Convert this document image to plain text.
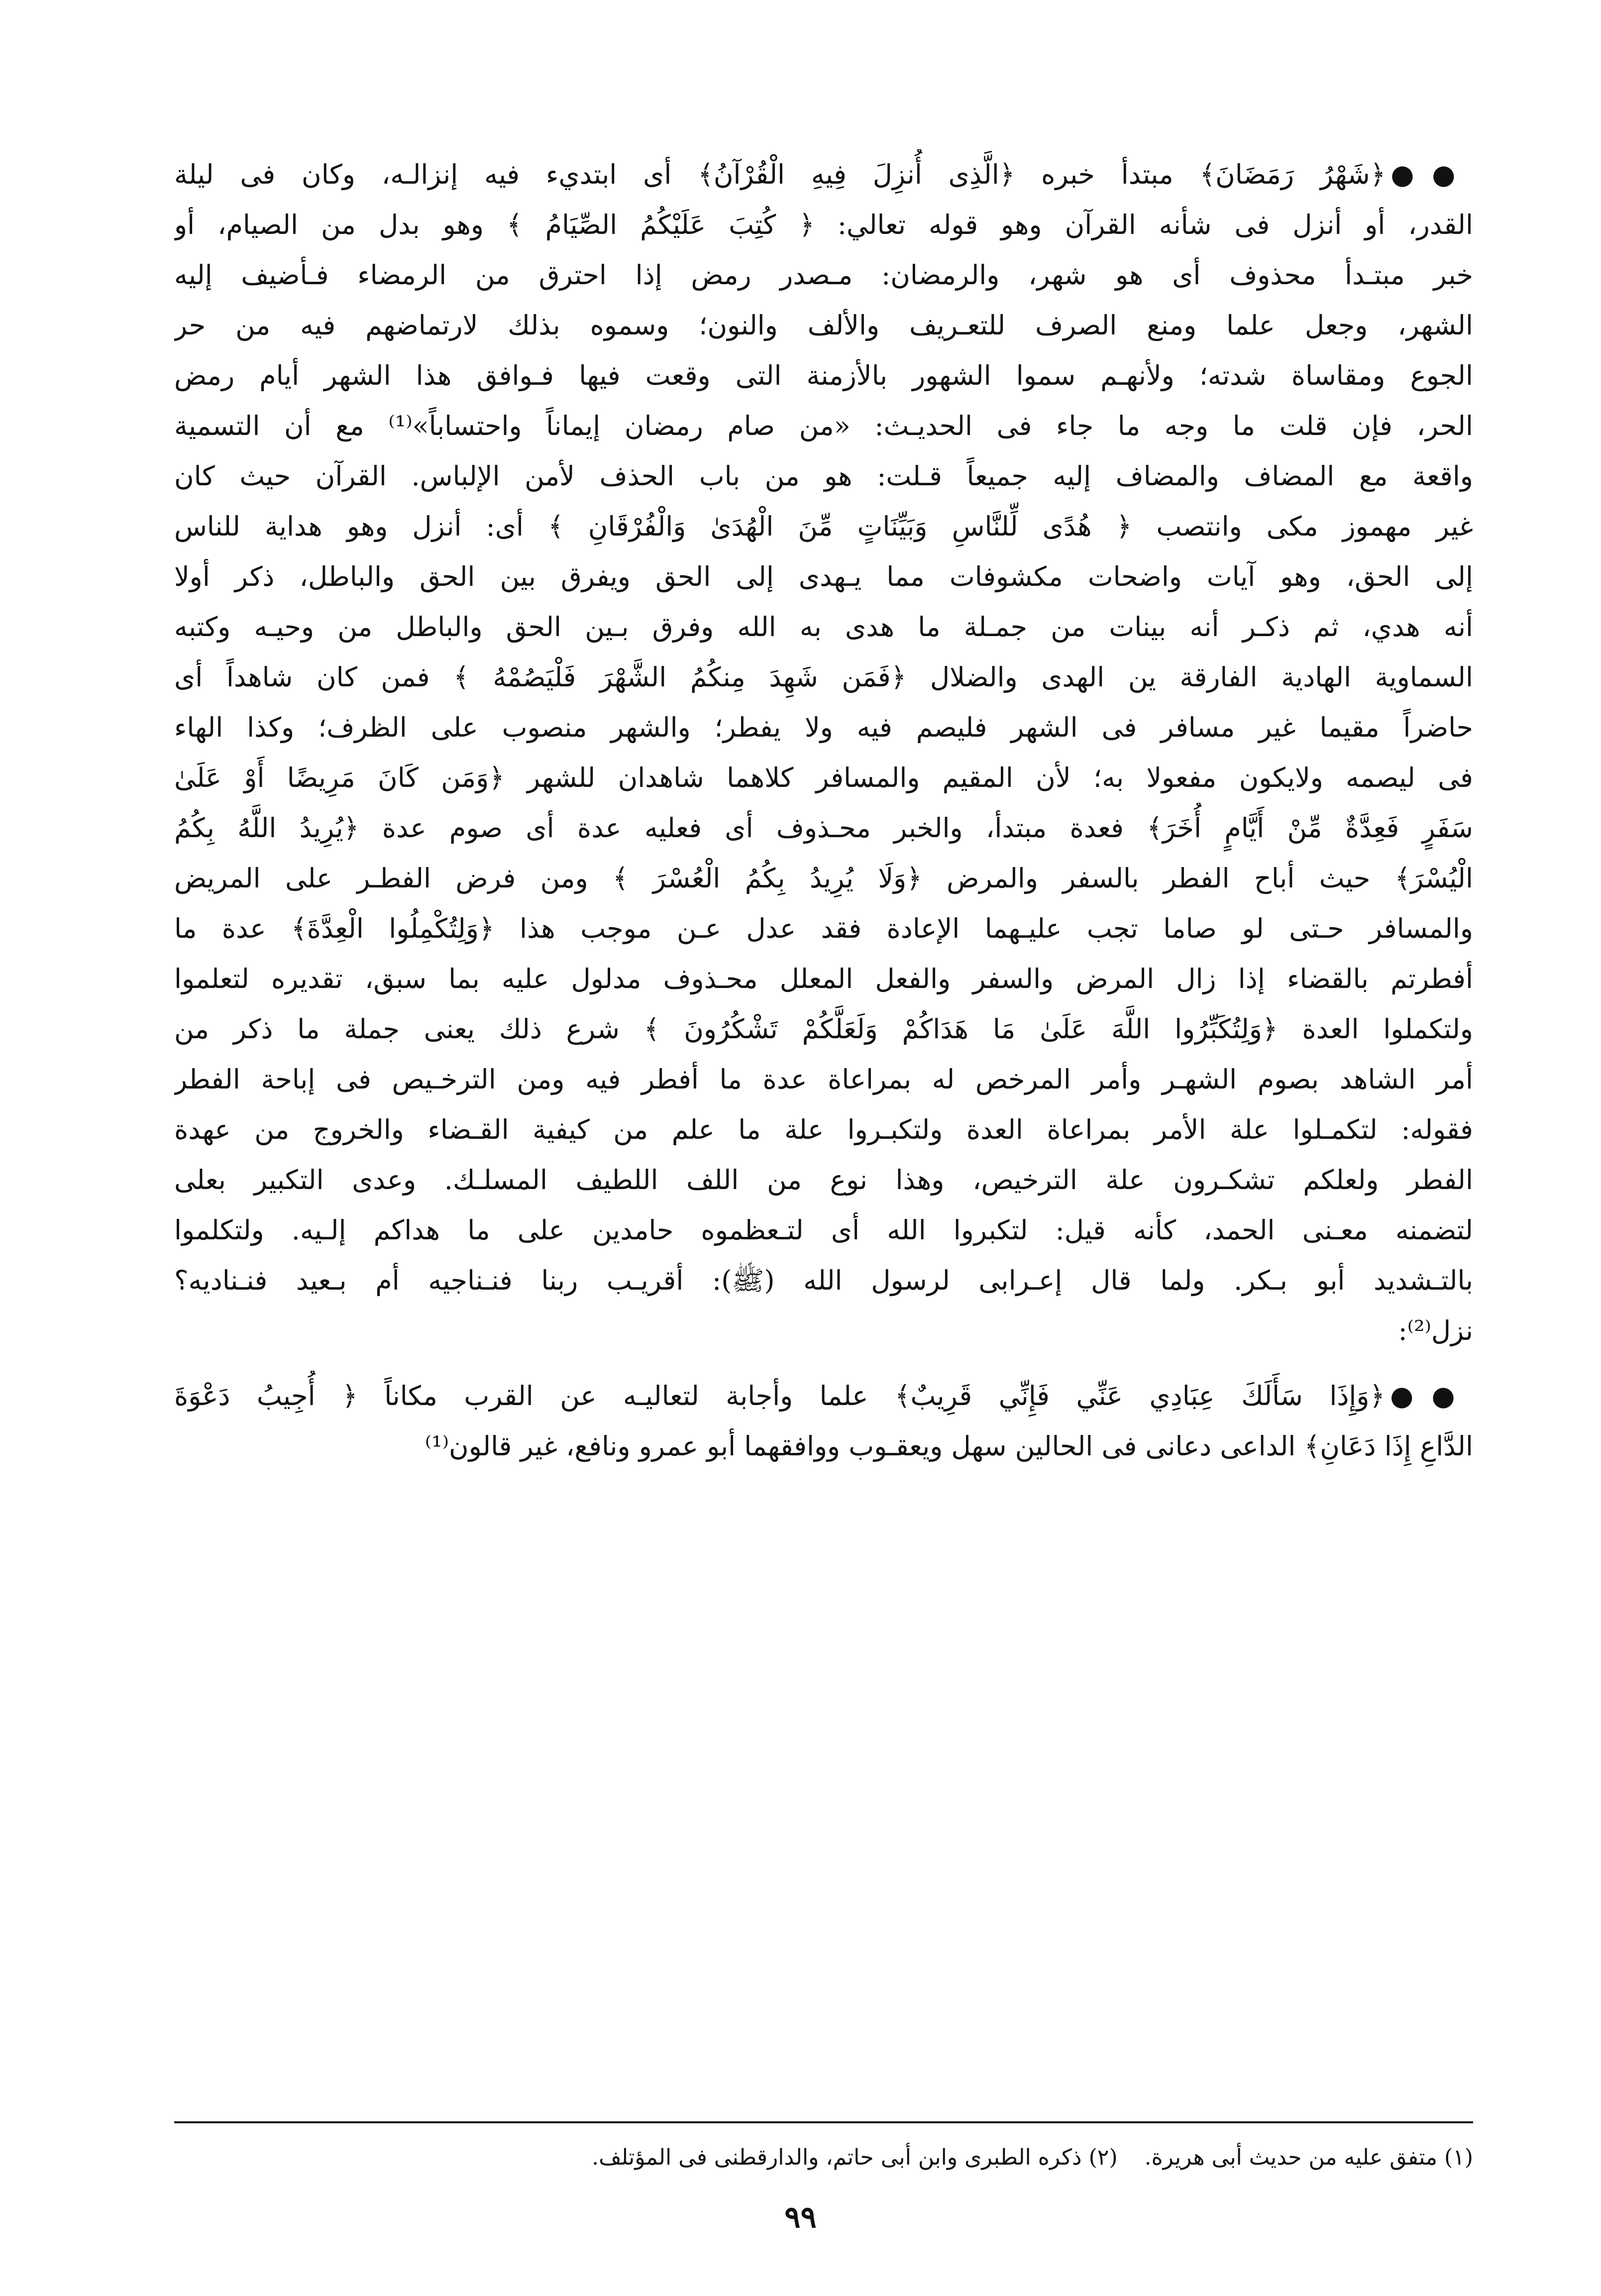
●●﴿شَهْرُ رَمَضَانَ﴾ مبتدأ خبره ﴿الَّذِى أُنزِلَ فِيهِ الْقُرْآنُ﴾ أى ابتديء فيه إنزالـه، وكان فى ليلة
القدر، أو أنزل فى شأنه القرآن وهو قوله تعالي: ﴿ كُتِبَ عَلَيْكُمُ الصِّيَامُ ﴾ وهو بدل من الصيام، أو
خبر مبتـدأ محذوف أى هو شهر، والرمضان: مـصدر رمض إذا احترق من الرمضاء فـأضيف إليه
الشهر، وجعل علما ومنع الصرف للتعـريف والألف والنون؛ وسموه بذلك لارتماضهم فيه من حر
الجوع ومقاساة شدته؛ ولأنهـم سموا الشهور بالأزمنة التى وقعت فيها فـوافق هذا الشهر أيام رمض
الحر، فإن قلت ما وجه ما جاء فى الحديـث: «من صام رمضان إيماناً واحتساباً»⁽¹⁾ مع أن التسمية
واقعة مع المضاف والمضاف إليه جميعاً قـلت: هو من باب الحذف لأمن الإلباس. القرآن حيث كان
غير مهموز مكى وانتصب ﴿ هُدًى لِّلنَّاسِ وَبَيِّنَاتٍ مِّنَ الْهُدَىٰ وَالْفُرْقَانِ ﴾ أى: أنزل وهو هداية للناس
إلى الحق، وهو آيات واضحات مكشوفات مما يـهدى إلى الحق ويفرق بين الحق والباطل، ذكر أولا
أنه هدي، ثم ذكـر أنه بينات من جمـلة ما هدى به الله وفرق بـين الحق والباطل من وحيـه وكتبه
السماوية الهادية الفارقة ين الهدى والضلال ﴿فَمَن شَهِدَ مِنكُمُ الشَّهْرَ فَلْيَصُمْهُ ﴾ فمن كان شاهداً أى
حاضراً مقيما غير مسافر فى الشهر فليصم فيه ولا يفطر؛ والشهر منصوب على الظرف؛ وكذا الهاء
فى ليصمه ولايكون مفعولا به؛ لأن المقيم والمسافر كلاهما شاهدان للشهر ﴿وَمَن كَانَ مَرِيضًا أَوْ عَلَىٰ
سَفَرٍ فَعِدَّةٌ مِّنْ أَيَّامٍ أُخَرَ﴾ فعدة مبتدأ، والخبر محـذوف أى فعليه عدة أى صوم عدة ﴿يُرِيدُ اللَّهُ بِكُمُ
الْيُسْرَ﴾ حيث أباح الفطر بالسفر والمرض ﴿وَلَا يُرِيدُ بِكُمُ الْعُسْرَ ﴾ ومن فرض الفطـر على المريض
والمسافر حـتى لو صاما تجب عليـهما الإعادة فقد عدل عـن موجب هذا ﴿وَلِتُكْمِلُوا الْعِدَّةَ﴾ عدة ما
أفطرتم بالقضاء إذا زال المرض والسفر والفعل المعلل محـذوف مدلول عليه بما سبق، تقديره لتعلموا
ولتكملوا العدة ﴿وَلِتُكَبِّرُوا اللَّهَ عَلَىٰ مَا هَدَاكُمْ وَلَعَلَّكُمْ تَشْكُرُونَ ﴾ شرع ذلك يعنى جملة ما ذكر من
أمر الشاهد بصوم الشهـر وأمر المرخص له بمراعاة عدة ما أفطر فيه ومن الترخـيص فى إباحة الفطر
فقوله: لتكمـلوا علة الأمر بمراعاة العدة ولتكبـروا علة ما علم من كيفية القـضاء والخروج من عهدة
الفطر ولعلكم تشكـرون علة الترخيص، وهذا نوع من اللف اللطيف المسلـك. وعدى التكبير بعلى
لتضمنه معـنى الحمد، كأنه قيل: لتكبروا الله أى لتـعظموه حامدين على ما هداكم إلـيه. ولتكلموا
بالتـشديد أبو بـكر. ولما قال إعـرابى لرسول الله (ﷺ): أقريـب ربنا فنـناجيه أم بـعيد فنـناديه؟
نزل⁽²⁾:
●●﴿وَإِذَا سَأَلَكَ عِبَادِي عَنِّي فَإِنِّي قَرِيبٌ﴾ علما وأجابة لتعاليـه عن القرب مكاناً ﴿ أُجِيبُ دَعْوَةَ
الدَّاعِ إِذَا دَعَانِ﴾ الداعى دعانى فى الحالين سهل ويعقـوب ووافقهما أبو عمرو ونافع، غير قالون⁽¹⁾
(١) متفق عليه من حديث أبى هريرة. (٢) ذكره الطبرى وابن أبى حاتم، والدارقطنى فى المؤتلف.
٩٩
